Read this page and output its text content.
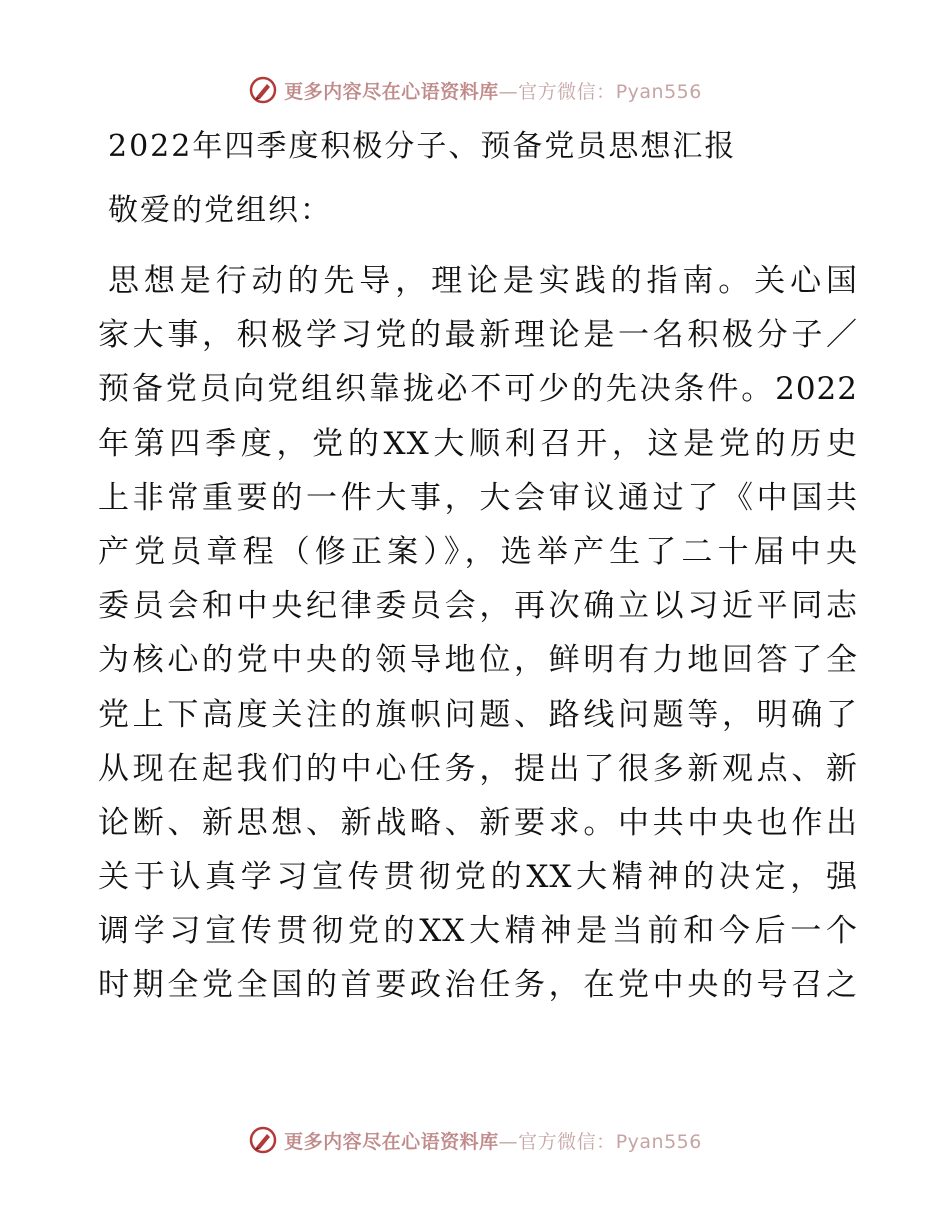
更多内容尽在心语资料库—官方微信：Pyan556
2022年四季度积极分子、预备党员思想汇报
敬爱的党组织：
思想是行动的先导，理论是实践的指南。关心国
家大事，积极学习党的最新理论是一名积极分子／
预备党员向党组织靠拢必不可少的先决条件。2022
年第四季度，党的XX大顺利召开，这是党的历史
上非常重要的一件大事，大会审议通过了《中国共
产党员章程（修正案）》，选举产生了二十届中央
委员会和中央纪律委员会，再次确立以习近平同志
为核心的党中央的领导地位，鲜明有力地回答了全
党上下高度关注的旗帜问题、路线问题等，明确了
从现在起我们的中心任务，提出了很多新观点、新
论断、新思想、新战略、新要求。中共中央也作出
关于认真学习宣传贯彻党的XX大精神的决定，强
调学习宣传贯彻党的XX大精神是当前和今后一个
时期全党全国的首要政治任务，在党中央的号召之
更多内容尽在心语资料库—官方微信：Pyan556
